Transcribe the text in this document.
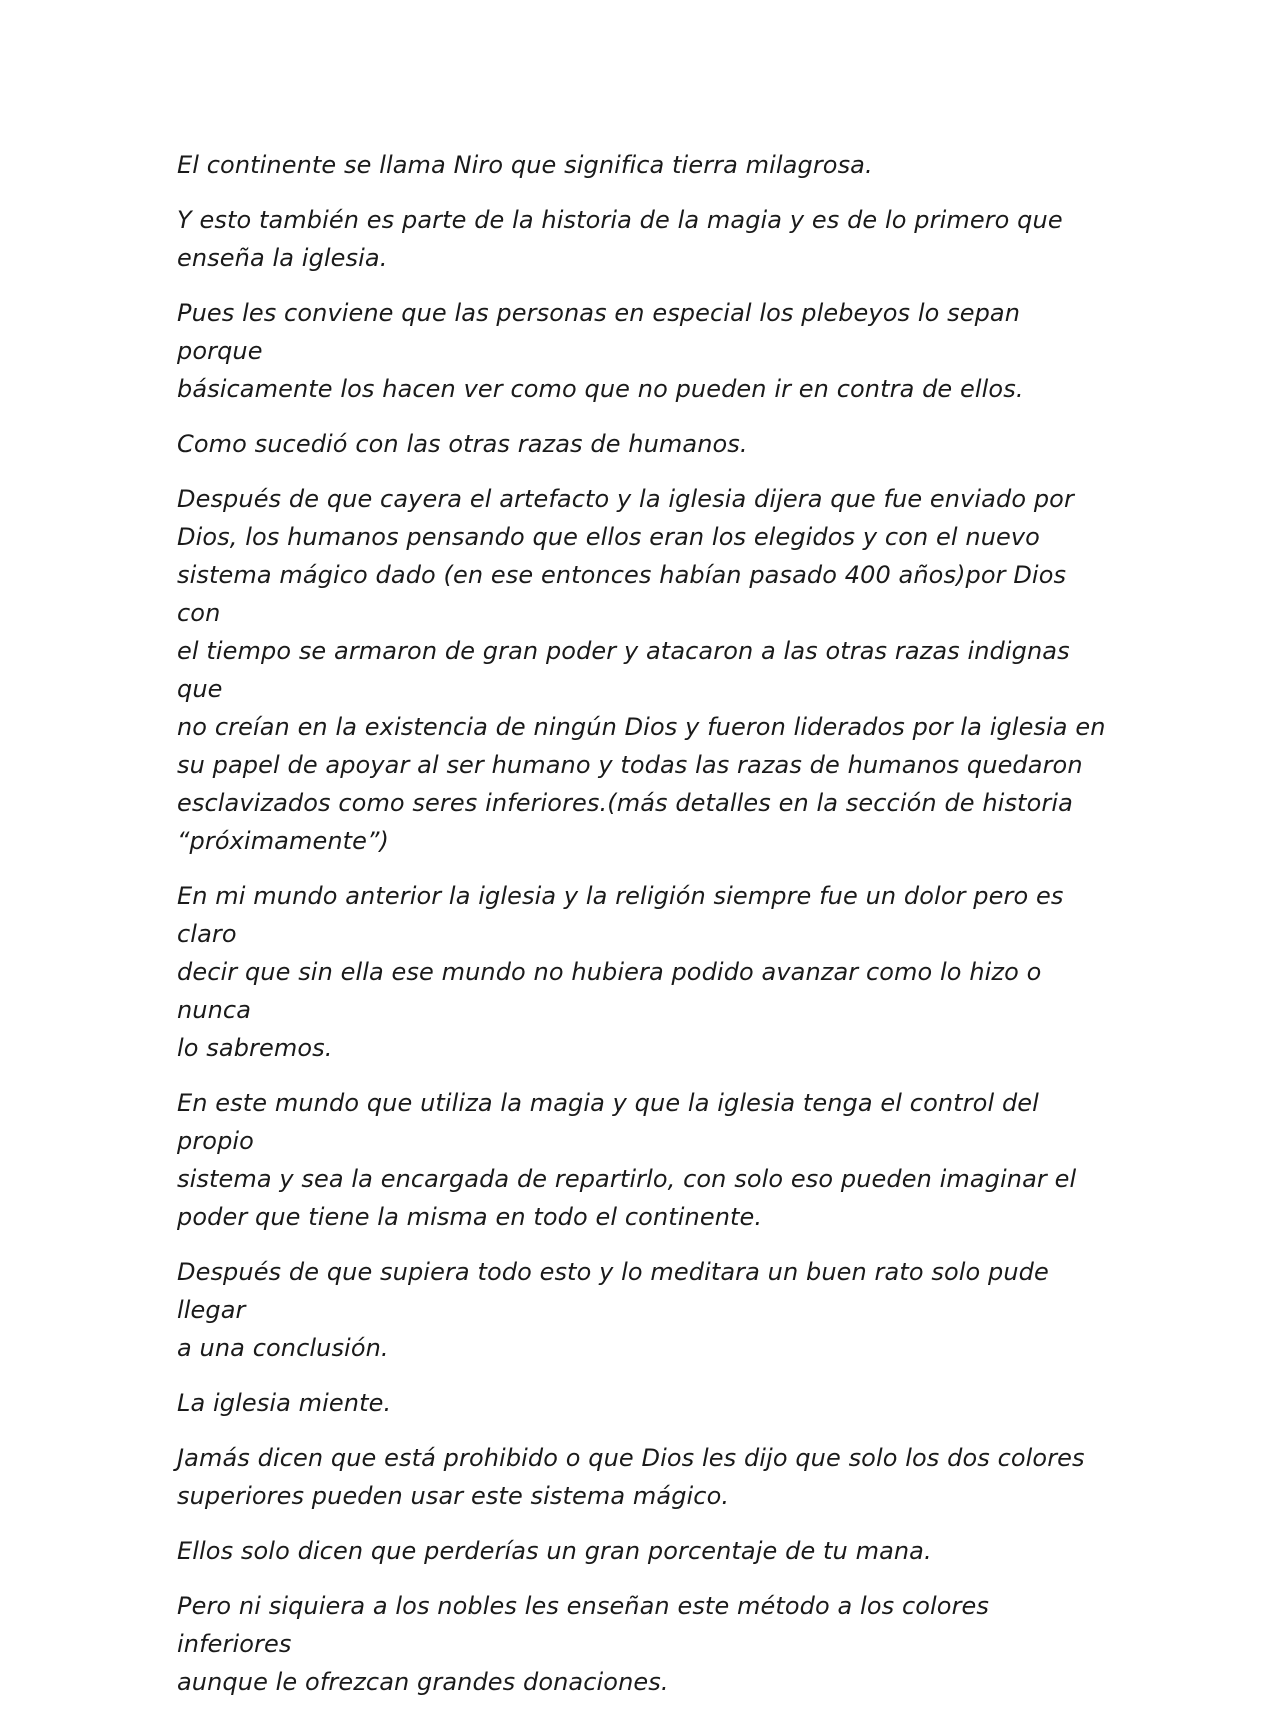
El continente se llama Niro que significa tierra milagrosa.

Y esto también es parte de la historia de la magia y es de lo primero que
enseña la iglesia.

Pues les conviene que las personas en especial los plebeyos lo sepan porque
básicamente los hacen ver como que no pueden ir en contra de ellos.

Como sucedió con las otras razas de humanos.

Después de que cayera el artefacto y la iglesia dijera que fue enviado por
Dios, los humanos pensando que ellos eran los elegidos y con el nuevo
sistema mágico dado (en ese entonces habían pasado 400 años)por Dios con
el tiempo se armaron de gran poder y atacaron a las otras razas indignas que
no creían en la existencia de ningún Dios y fueron liderados por la iglesia en
su papel de apoyar al ser humano y todas las razas de humanos quedaron
esclavizados como seres inferiores.(más detalles en la sección de historia
“próximamente”)

En mi mundo anterior la iglesia y la religión siempre fue un dolor pero es claro
decir que sin ella ese mundo no hubiera podido avanzar como lo hizo o nunca
lo sabremos.

En este mundo que utiliza la magia y que la iglesia tenga el control del propio
sistema y sea la encargada de repartirlo, con solo eso pueden imaginar el
poder que tiene la misma en todo el continente.

Después de que supiera todo esto y lo meditara un buen rato solo pude llegar
a una conclusión.

La iglesia miente.

Jamás dicen que está prohibido o que Dios les dijo que solo los dos colores
superiores pueden usar este sistema mágico.

Ellos solo dicen que perderías un gran porcentaje de tu mana.

Pero ni siquiera a los nobles les enseñan este método a los colores inferiores
aunque le ofrezcan grandes donaciones.
